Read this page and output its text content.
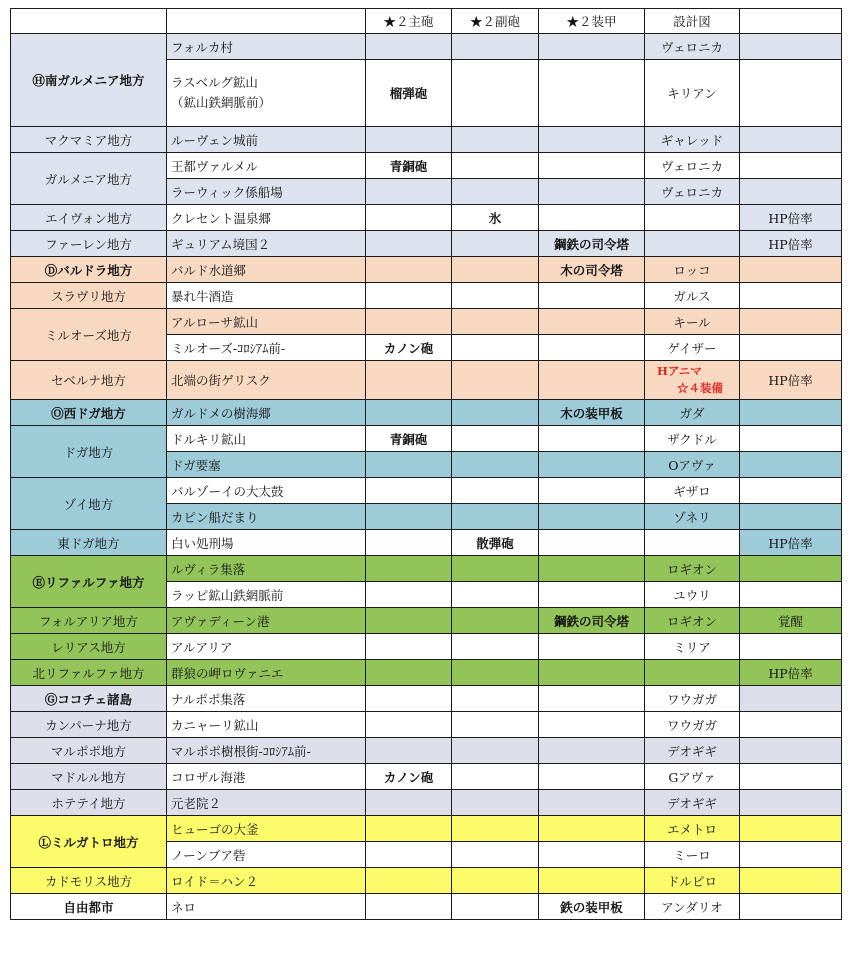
		★２主砲	★２副砲	★２装甲	設計図	
Ⓗ南ガルメニア地方	フォルカ村				ヴェロニカ	
	ラスベルグ鉱山
（鉱山鉄網脈前）	榴弾砲			キリアン	
マクマミア地方	ルーヴェン城前				ギャレッド	
ガルメニア地方	王都ヴァルメル	青銅砲			ヴェロニカ	
	ラーウィック係船場				ヴェロニカ	
エイヴォン地方	クレセント温泉郷		氷			HP倍率
ファーレン地方	ギュリアム境国２			鋼鉄の司令塔		HP倍率
Ⓓバルドラ地方	バルド水道郷			木の司令塔	ロッコ	
スラヴリ地方	暴れ牛酒造				ガルス	
ミルオーズ地方	アルローサ鉱山				キール	
	ミルオーズ-ｺﾛｼｱﾑ前-	カノン砲			ゲイザー	
セベルナ地方	北端の街ゲリスク				Hアニマ
☆４装備	HP倍率
Ⓞ西ドガ地方	ガルドメの樹海郷			木の装甲板	ガダ	
ドガ地方	ドルキリ鉱山	青銅砲			ザクドル	
	ドガ要塞				Oアヴァ	
ゾイ地方	バルゾーイの大太鼓				ギザロ	
	カピン船だまり				ゾネリ	
東ドガ地方	白い処刑場		散弾砲			HP倍率
Ⓔリファルファ地方	ルヴィラ集落				ロギオン	
	ラッピ鉱山鉄網脈前				ユウリ	
フォルアリア地方	アヴァディーン港			鋼鉄の司令塔	ロギオン	覚醒
レリアス地方	アルアリア				ミリア	
北リファルファ地方	群狼の岬ロヴァニエ					HP倍率
Ⓖココチェ諸島	ナルポポ集落				ワウガガ	
カンパーナ地方	カニャーリ鉱山				ワウガガ	
マルポポ地方	マルポポ樹根街-ｺﾛｼｱﾑ前-				デオギギ	
マドルル地方	コロザル海港	カノン砲			Gアヴァ	
ホテテイ地方	元老院２				デオギギ	
Ⓛミルガトロ地方	ヒューゴの大釜				エメトロ	
	ノーンブア砦				ミーロ	
カドモリス地方	ロイド＝ハン２				ドルピロ	
自由都市	ネロ			鉄の装甲板	アンダリオ	
